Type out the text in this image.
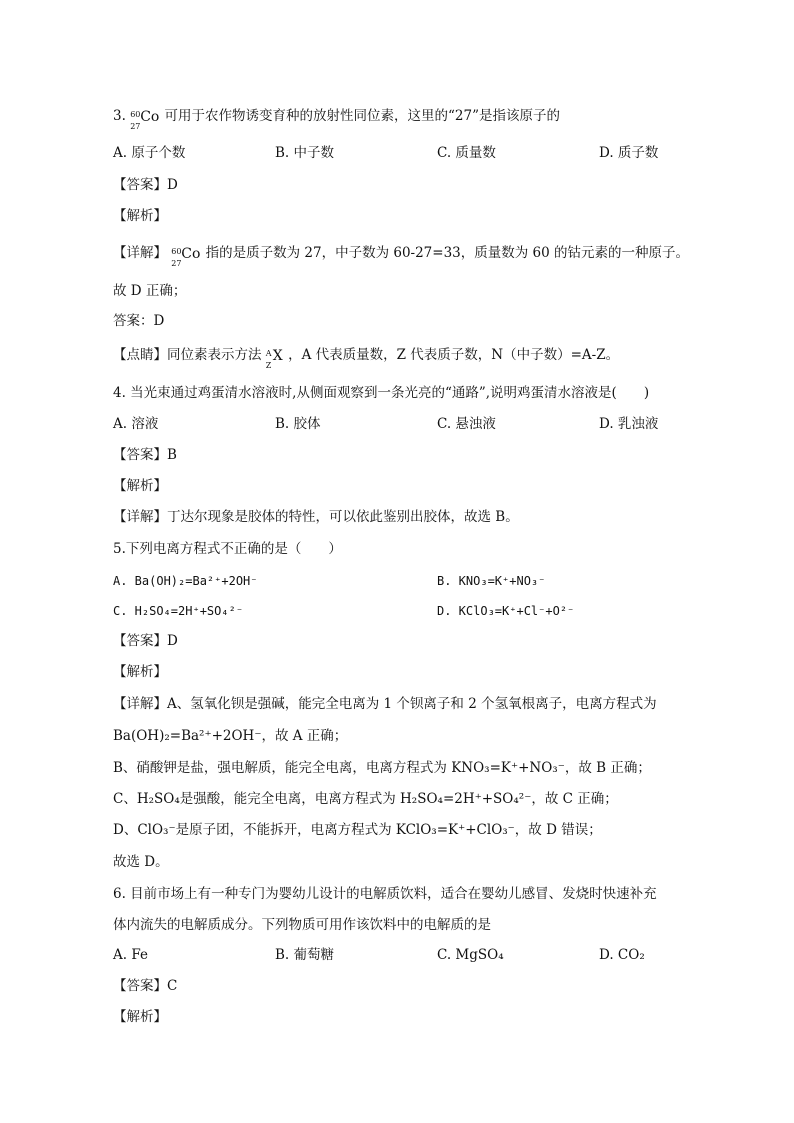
3. 60
27
Co 可用于农作物诱变育种的放射性同位素，这里的“27”是指该原子的
A. 原子个数	B. 中子数	C. 质量数	D. 质子数
【答案】D
【解析】
【详解】 60
27
Co 指的是质子数为 27，中子数为 60-27=33，质量数为 60 的钴元素的一种原子。
故 D 正确；
答案：D
【点睛】同位素表示方法 A
Z
X ，A 代表质量数，Z 代表质子数，N（中子数）=A-Z。
4. 当光束通过鸡蛋清水溶液时,从侧面观察到一条光亮的“通路”,说明鸡蛋清水溶液是(　　)
A. 溶液	B. 胶体	C. 悬浊液	D. 乳浊液
【答案】B
【解析】
【详解】丁达尔现象是胶体的特性，可以依此鉴别出胶体，故选 B。
5.下列电离方程式不正确的是（　　）
A. Ba(OH)₂=Ba²⁺+2OH⁻	B. KNO₃=K⁺+NO₃⁻
C. H₂SO₄=2H⁺+SO₄²⁻	D. KClO₃=K⁺+Cl⁻+O²⁻
【答案】D
【解析】
【详解】A、氢氧化钡是强碱，能完全电离为 1 个钡离子和 2 个氢氧根离子，电离方程式为
Ba(OH)₂=Ba²⁺+2OH⁻，故 A 正确；
B、硝酸钾是盐，强电解质，能完全电离，电离方程式为 KNO₃=K⁺+NO₃⁻，故 B 正确；
C、H₂SO₄是强酸，能完全电离，电离方程式为 H₂SO₄=2H⁺+SO₄²⁻，故 C 正确；
D、ClO₃⁻是原子团，不能拆开，电离方程式为 KClO₃=K⁺+ClO₃⁻，故 D 错误；
故选 D。
6. 目前市场上有一种专门为婴幼儿设计的电解质饮料，适合在婴幼儿感冒、发烧时快速补充
体内流失的电解质成分。下列物质可用作该饮料中的电解质的是
A. Fe	B. 葡萄糖	C. MgSO₄	D. CO₂
【答案】C
【解析】
